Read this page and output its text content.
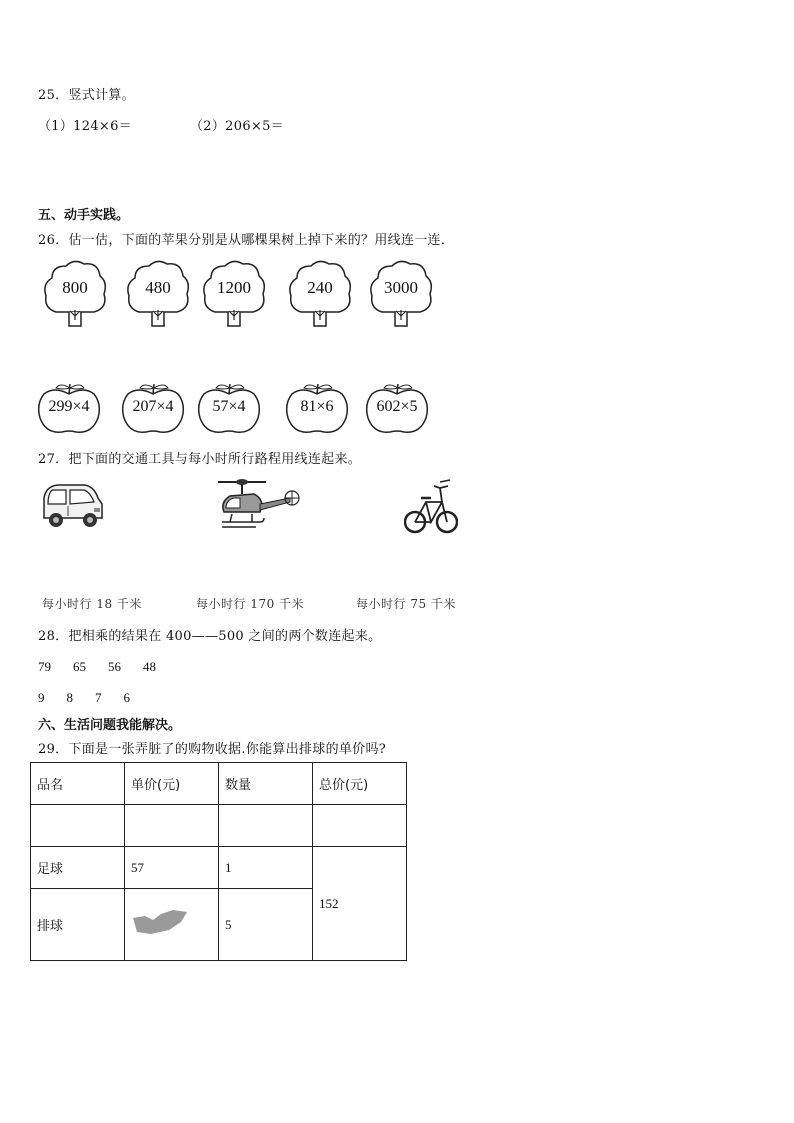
25．竖式计算。
（1）124×6＝	（2）206×5＝
五、动手实践。
26．估一估，下面的苹果分别是从哪棵果树上掉下来的？用线连一连．
800	480	1200	240	3000
299×4	207×4	57×4	81×6	602×5
27．把下面的交通工具与每小时所行路程用线连起来。
每小时行 18 千米	每小时行 170 千米	每小时行 75 千米
28．把相乘的结果在 400——500 之间的两个数连起来。
79 65 56 48
9 8 7 6
六、生活问题我能解决。
29．下面是一张弄脏了的购物收据.你能算出排球的单价吗?
品名	单价(元)	数量	总价(元)

足球	57	1	152
排球		5	
